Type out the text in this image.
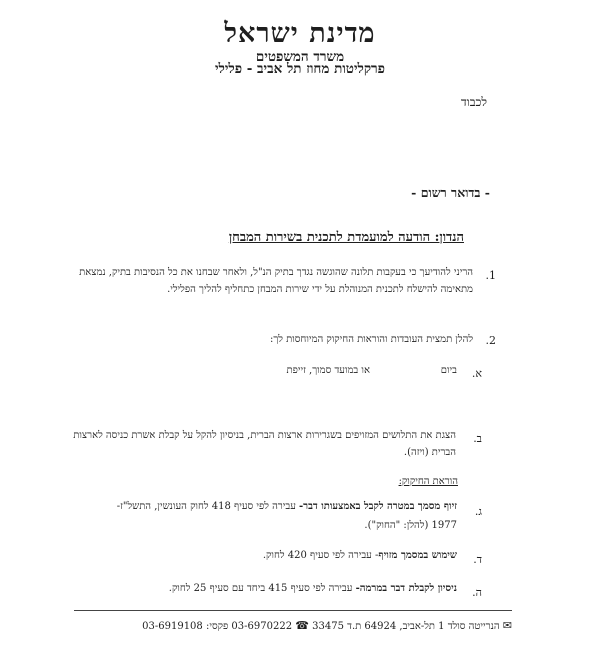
מדינת ישראל
משרד המשפטים
פרקליטות מחוז תל אביב - פלילי
לכבוד
- בדואר רשום -
הנדון: הודעה למועמדת לתכנית בשירות המבחן
1.
הריני להודיעך כי בעקבות תלונה שהוגשה נגדך בתיק הנ"ל, ולאחר שבחנו את כל הנסיבות בתיק, נמצאת מתאימה להישלח לתכנית המנוהלת על ידי שירות המבחן כתחליף להליך הפלילי.
2.
להלן תמצית העובדות והוראות החיקוק המיוחסות לך:
א.
ביום
או במועד סמוך, זייפת
ב.
הצגת את התלושים המזויפים בשגרירות ארצות הברית, בניסיון להקל על קבלת אשרת כניסה לארצות הברית (ויזה).
הוראת החיקוק:
ג.
זיוף מסמך במטרה לקבל באמצעותו דבר- עבירה לפי סעיף 418 לחוק העונשין, התשל"ז-
1977 (להלן: "החוק").
ד.
שימוש במסמך מזויף- עבירה לפי סעיף 420 לחוק.
ה.
ניסיון לקבלת דבר במרמה- עבירה לפי סעיף 415 ביחד עם סעיף 25 לחוק.
✉ הנרייטה סולד 1 תל-אביב, 64924 ת.ד 33475 ☎ 03-6970222 פקסי: 03-6919108
